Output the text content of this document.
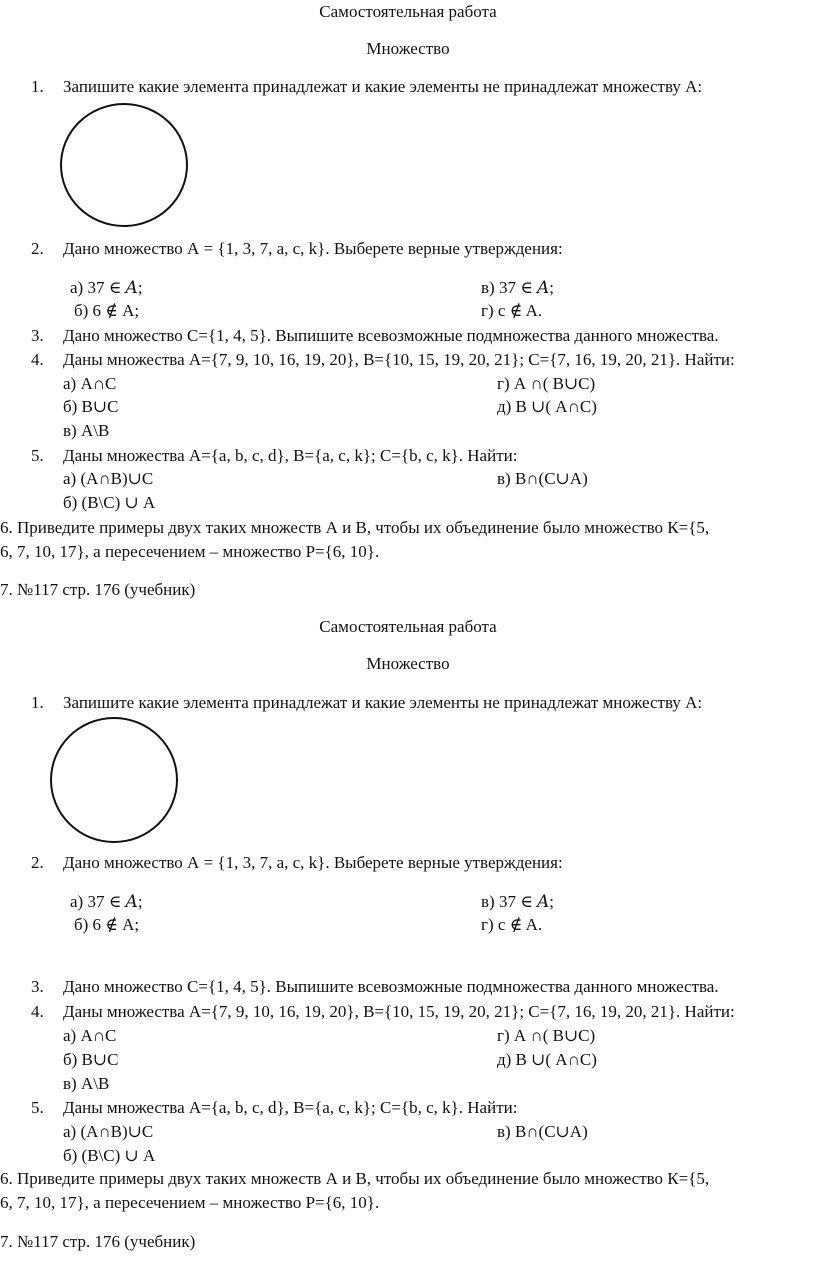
Самостоятельная работа
Множество
1. Запишите какие элемента принадлежат и какие элементы не принадлежат множеству А:
2. Дано множество А = {1, 3, 7, a, c, k}. Выберете верные утверждения:
а) 37 ∈ 𝐴;	в) 37 ∈ 𝐴;
б) 6 ∉ A;	г) c ∉ A.
3. Дано множество С={1, 4, 5}. Выпишите всевозможные подмножества данного множества.
4. Даны множества А={7, 9, 10, 16, 19, 20}, В={10, 15, 19, 20, 21}; С={7, 16, 19, 20, 21}. Найти:
а) А∩С	г) А ∩( В∪С)
б) В∪С	д) В ∪( А∩С)
в) А\В
5. Даны множества А={a, b, c, d}, В={a, c, k}; С={b, c, k}. Найти:
а) (А∩В)∪С	в) В∩(С∪А)
б) (В\С) ∪ А
6. Приведите примеры двух таких множеств А и В, чтобы их объединение было множество К={5,
6, 7, 10, 17}, а пересечением – множество Р={6, 10}.
7. №117 стр. 176 (учебник)
Самостоятельная работа
Множество
1. Запишите какие элемента принадлежат и какие элементы не принадлежат множеству А:
2. Дано множество А = {1, 3, 7, a, c, k}. Выберете верные утверждения:
а) 37 ∈ 𝐴;	в) 37 ∈ 𝐴;
б) 6 ∉ A;	г) c ∉ A.
3. Дано множество С={1, 4, 5}. Выпишите всевозможные подмножества данного множества.
4. Даны множества А={7, 9, 10, 16, 19, 20}, В={10, 15, 19, 20, 21}; С={7, 16, 19, 20, 21}. Найти:
а) А∩С	г) А ∩( В∪С)
б) В∪С	д) В ∪( А∩С)
в) А\В
5. Даны множества А={a, b, c, d}, В={a, c, k}; С={b, c, k}. Найти:
а) (А∩В)∪С	в) В∩(С∪А)
б) (В\С) ∪ А
6. Приведите примеры двух таких множеств А и В, чтобы их объединение было множество К={5,
6, 7, 10, 17}, а пересечением – множество Р={6, 10}.
7. №117 стр. 176 (учебник)
